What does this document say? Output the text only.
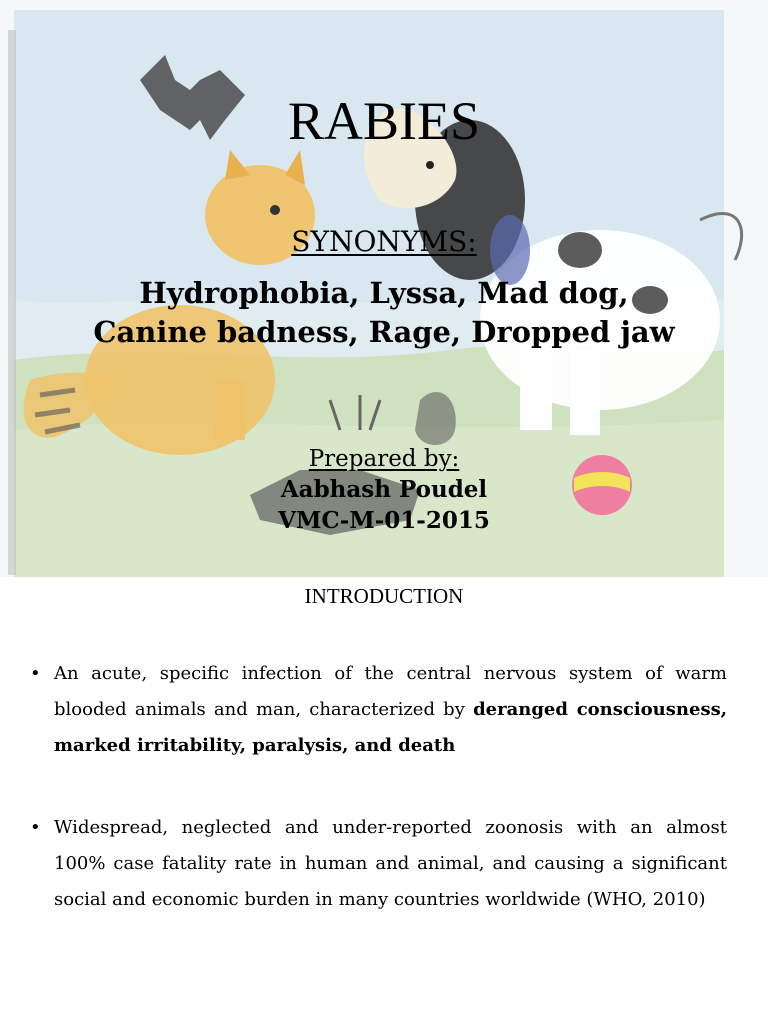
RABIES
SYNONYMS:
Hydrophobia, Lyssa, Mad dog,
Canine badness, Rage, Dropped jaw
Prepared by:
Aabhash Poudel
VMC-M-01-2015
INTRODUCTION
• An acute, specific infection of the central nervous system of warm blooded animals and man, characterized by deranged consciousness, marked irritability, paralysis, and death
• Widespread, neglected and under-reported zoonosis with an almost 100% case fatality rate in human and animal, and causing a significant social and economic burden in many countries worldwide (WHO, 2010)
